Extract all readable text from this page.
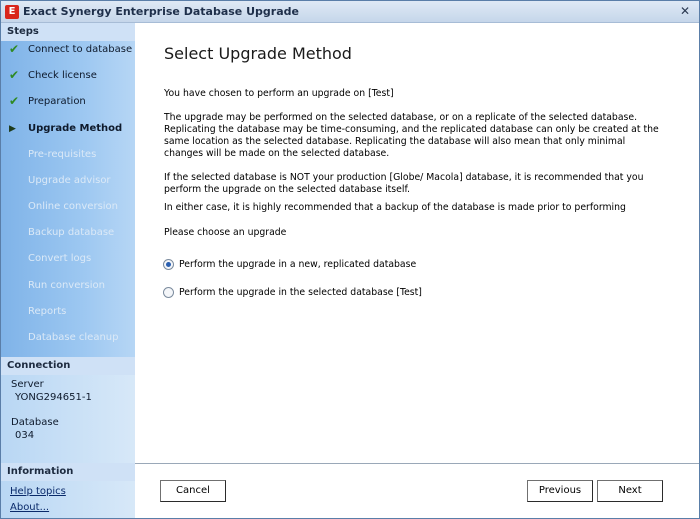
E Exact Synergy Enterprise Database Upgrade	✕
Steps
✔ Connect to database
✔ Check license
✔ Preparation
▶	Upgrade Method
Pre-requisites
Upgrade advisor
Online conversion
Backup database
Convert logs
Run conversion
Reports
Database cleanup
Connection
Server
YONG294651-1
Database
034
Information
Help topics
About...
Select Upgrade Method
You have chosen to perform an upgrade on [Test]
The upgrade may be performed on the selected database, or on a replicate of the selected database. Replicating the database may be time-consuming, and the replicated database can only be created at the same location as the selected database. Replicating the database will also mean that only minimal changes will be made on the selected database.
If the selected database is NOT your production [Globe/ Macola] database, it is recommended that you perform the upgrade on the selected database itself.
In either case, it is highly recommended that a backup of the database is made prior to performing
Please choose an upgrade
Perform the upgrade in a new, replicated database
Perform the upgrade in the selected database [Test]
Cancel	Previous	Next
